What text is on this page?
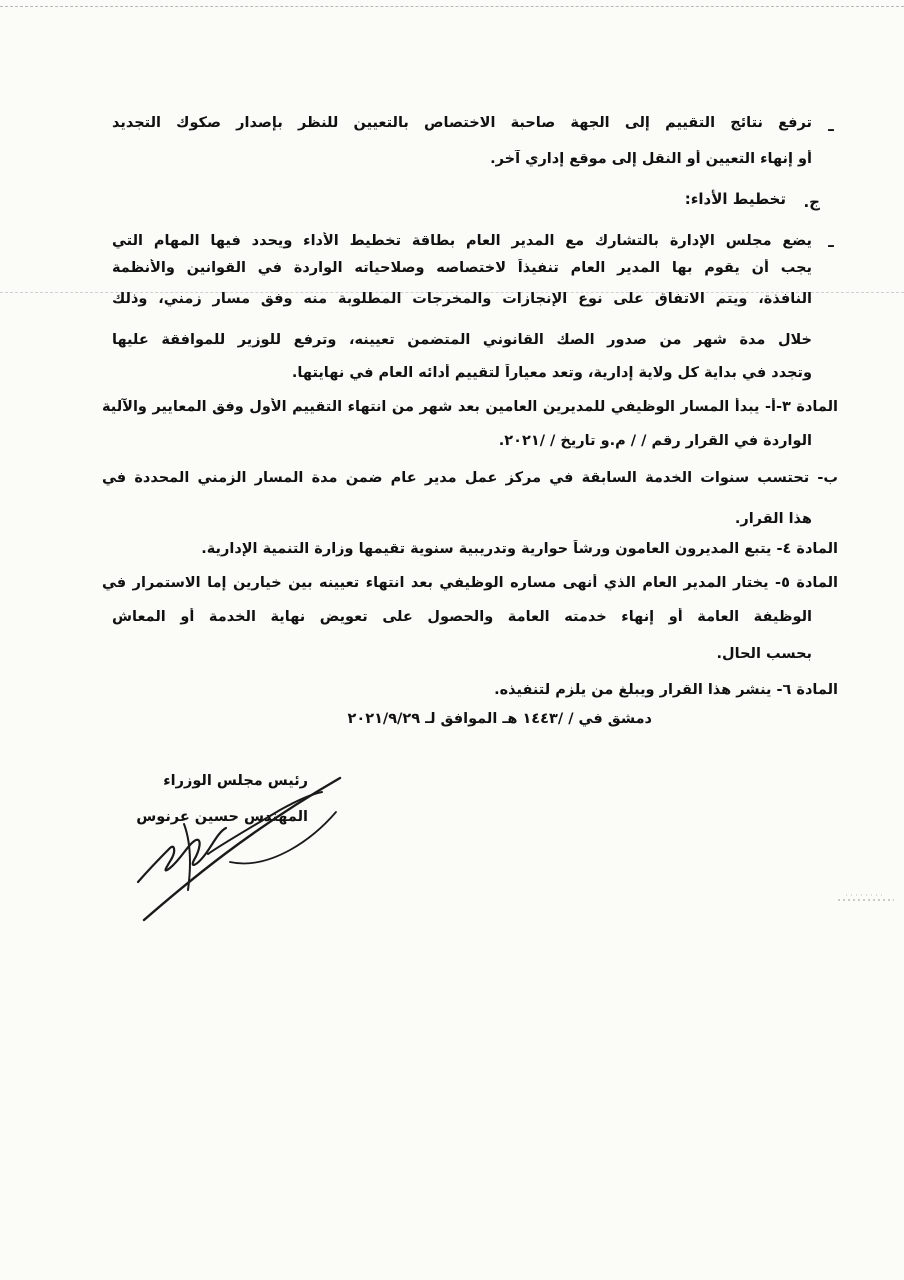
–
ترفع نتائج التقييم إلى الجهة صاحبة الاختصاص بالتعيين للنظر بإصدار صكوك التجديد
أو إنهاء التعيين أو النقل إلى موقع إداري آخر.
ج.
تخطيط الأداء:
–
يضع مجلس الإدارة بالتشارك مع المدير العام بطاقة تخطيط الأداء ويحدد فيها المهام التي
يجب أن يقوم بها المدير العام تنفيذاً لاختصاصه وصلاحياته الواردة في القوانين والأنظمة
النافذة، ويتم الاتفاق على نوع الإنجازات والمخرجات المطلوبة منه وفق مسار زمني، وذلك
خلال مدة شهر من صدور الصك القانوني المتضمن تعيينه، وترفع للوزير للموافقة عليها
وتجدد في بداية كل ولاية إدارية، وتعد معياراً لتقييم أدائه العام في نهايتها.
المادة ٣-أ- يبدأ المسار الوظيفي للمديرين العامين بعد شهر من انتهاء التقييم الأول وفق المعايير والآلية
الواردة في القرار رقم / / م.و تاريخ / /٢٠٢١.
ب- تحتسب سنوات الخدمة السابقة في مركز عمل مدير عام ضمن مدة المسار الزمني المحددة في
هذا القرار.
المادة ٤- يتبع المديرون العامون ورشاً حوارية وتدريبية سنوية تقيمها وزارة التنمية الإدارية.
المادة ٥- يختار المدير العام الذي أنهى مساره الوظيفي بعد انتهاء تعيينه بين خيارين إما الاستمرار في
الوظيفة العامة أو إنهاء خدمته العامة والحصول على تعويض نهاية الخدمة أو المعاش
بحسب الحال.
المادة ٦- ينشر هذا القرار ويبلغ من يلزم لتنفيذه.
دمشق في / /١٤٤٣ هـ الموافق لـ ٢٠٢١/٩/٢٩
رئيس مجلس الوزراء
المهندس حسين عرنوس
